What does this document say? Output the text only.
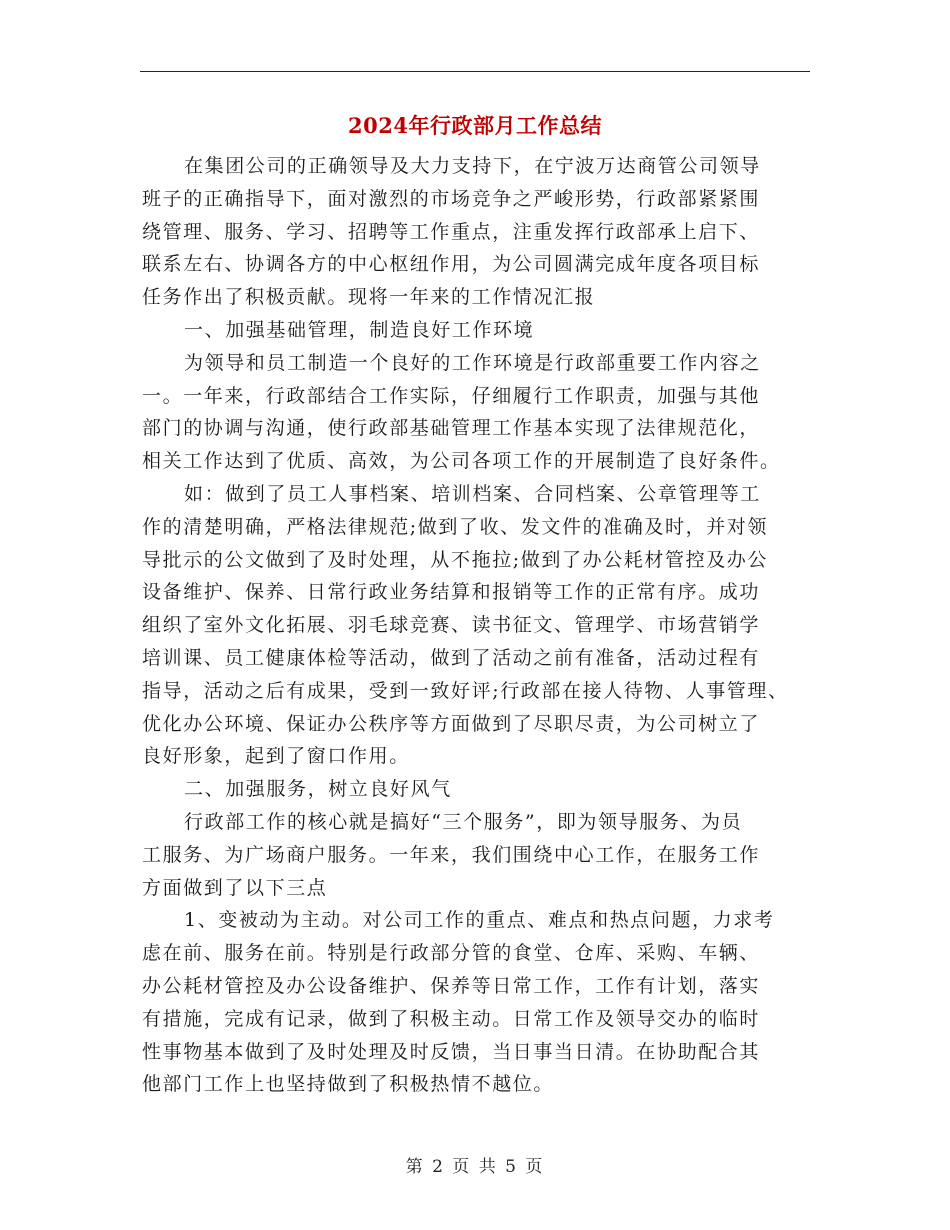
2024年行政部月工作总结
在集团公司的正确领导及大力支持下，在宁波万达商管公司领导
班子的正确指导下，面对激烈的市场竞争之严峻形势，行政部紧紧围
绕管理、服务、学习、招聘等工作重点，注重发挥行政部承上启下、
联系左右、协调各方的中心枢纽作用，为公司圆满完成年度各项目标
任务作出了积极贡献。现将一年来的工作情况汇报
一、加强基础管理，制造良好工作环境
为领导和员工制造一个良好的工作环境是行政部重要工作内容之
一。一年来，行政部结合工作实际，仔细履行工作职责，加强与其他
部门的协调与沟通，使行政部基础管理工作基本实现了法律规范化，
相关工作达到了优质、高效，为公司各项工作的开展制造了良好条件。
如：做到了员工人事档案、培训档案、合同档案、公章管理等工
作的清楚明确，严格法律规范;做到了收、发文件的准确及时，并对领
导批示的公文做到了及时处理，从不拖拉;做到了办公耗材管控及办公
设备维护、保养、日常行政业务结算和报销等工作的正常有序。成功
组织了室外文化拓展、羽毛球竞赛、读书征文、管理学、市场营销学
培训课、员工健康体检等活动，做到了活动之前有准备，活动过程有
指导，活动之后有成果，受到一致好评;行政部在接人待物、人事管理、
优化办公环境、保证办公秩序等方面做到了尽职尽责，为公司树立了
良好形象，起到了窗口作用。
二、加强服务，树立良好风气
行政部工作的核心就是搞好“三个服务”，即为领导服务、为员
工服务、为广场商户服务。一年来，我们围绕中心工作，在服务工作
方面做到了以下三点
1、变被动为主动。对公司工作的重点、难点和热点问题，力求考
虑在前、服务在前。特别是行政部分管的食堂、仓库、采购、车辆、
办公耗材管控及办公设备维护、保养等日常工作，工作有计划，落实
有措施，完成有记录，做到了积极主动。日常工作及领导交办的临时
性事物基本做到了及时处理及时反馈，当日事当日清。在协助配合其
他部门工作上也坚持做到了积极热情不越位。
第 2 页 共 5 页
